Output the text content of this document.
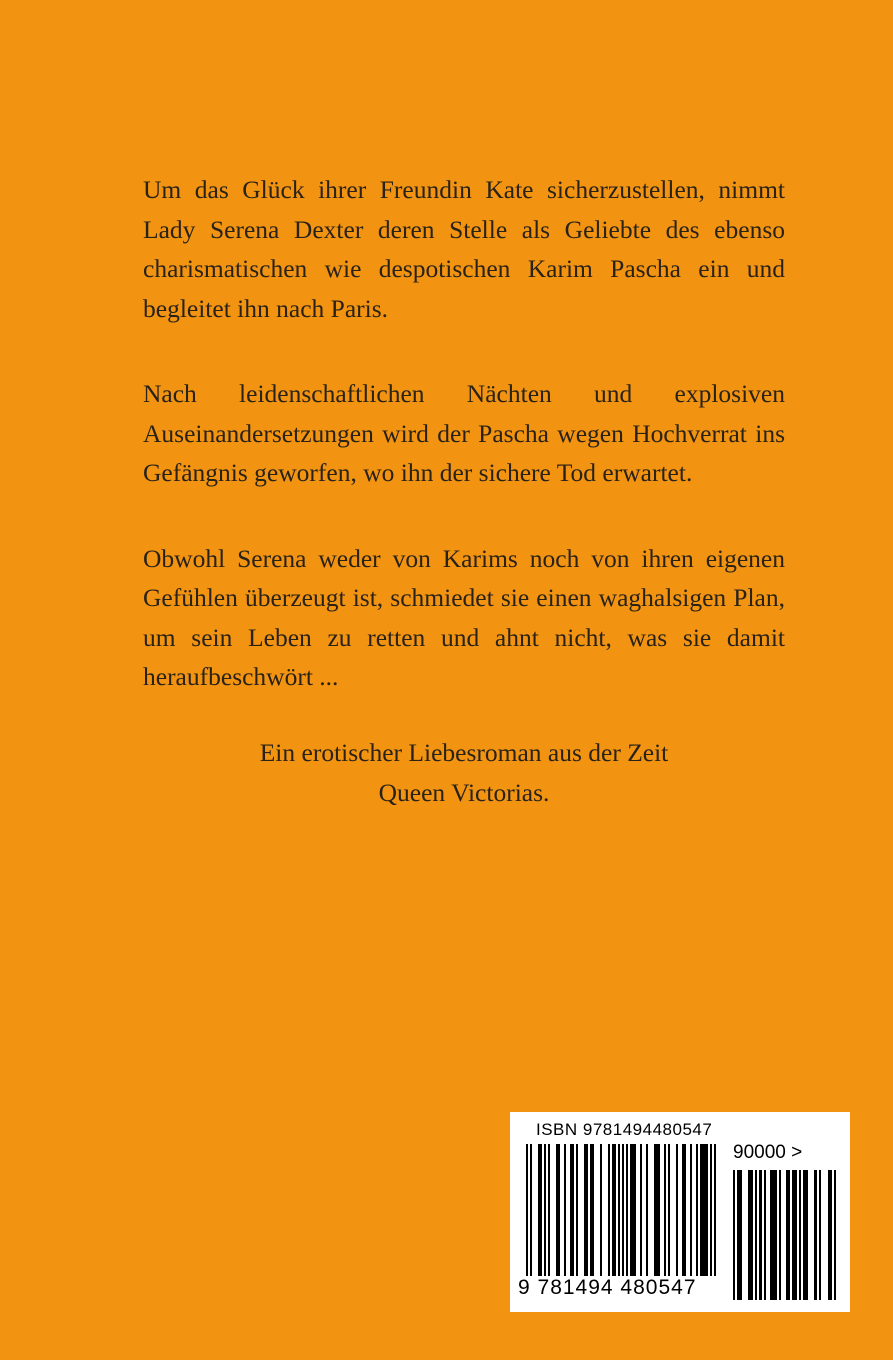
Um das Glück ihrer Freundin Kate sicherzustellen, nimmt Lady Serena Dexter deren Stelle als Geliebte des ebenso charismatischen wie despotischen Karim Pascha ein und begleitet ihn nach Paris.

Nach leidenschaftlichen Nächten und explosiven Auseinandersetzungen wird der Pascha wegen Hochverrat ins Gefängnis geworfen, wo ihn der sichere Tod erwartet.

Obwohl Serena weder von Karims noch von ihren eigenen Gefühlen überzeugt ist, schmiedet sie einen waghalsigen Plan, um sein Leben zu retten und ahnt nicht, was sie damit heraufbeschwört ...

Ein erotischer Liebesroman aus der Zeit
Queen Victorias.
ISBN 9781494480547
90000 >
9 781494 480547
